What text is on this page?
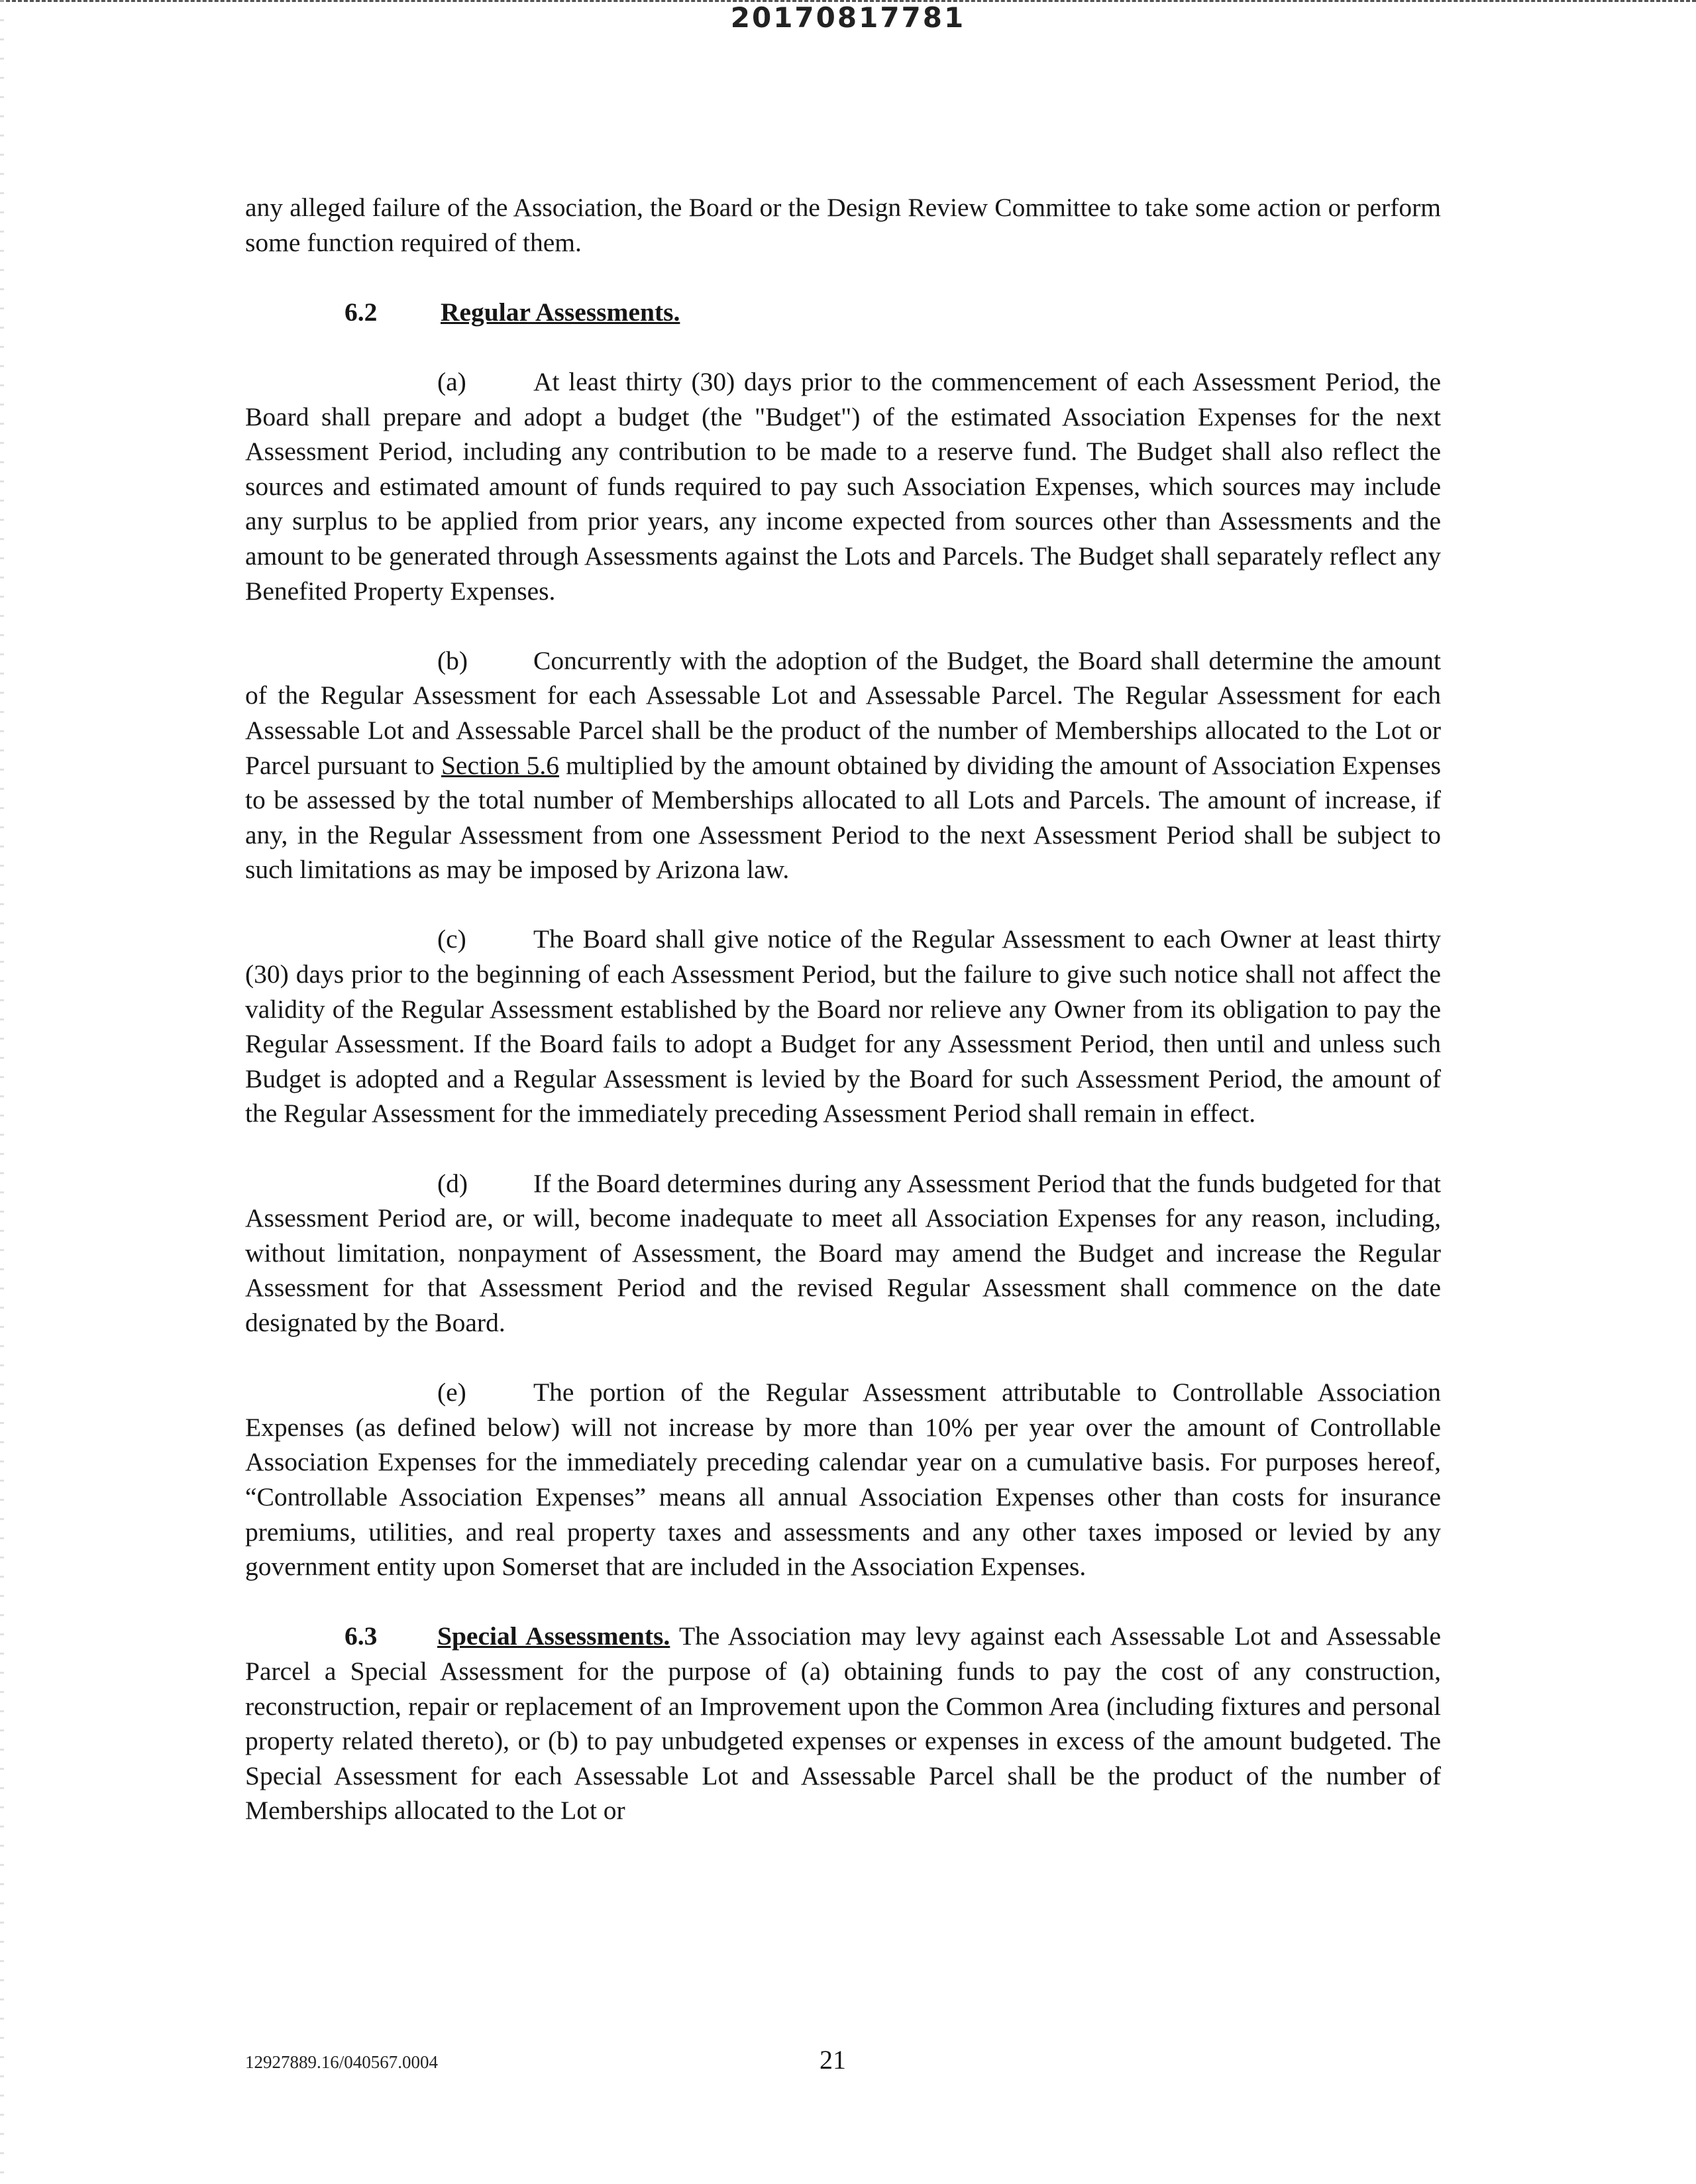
20170817781

any alleged failure of the Association, the Board or the Design Review Committee to take some action or perform some function required of them.

6.2 Regular Assessments.

(a)	At least thirty (30) days prior to the commencement of each Assessment Period, the Board shall prepare and adopt a budget (the "Budget") of the estimated Association Expenses for the next Assessment Period, including any contribution to be made to a reserve fund. The Budget shall also reflect the sources and estimated amount of funds required to pay such Association Expenses, which sources may include any surplus to be applied from prior years, any income expected from sources other than Assessments and the amount to be generated through Assessments against the Lots and Parcels. The Budget shall separately reflect any Benefited Property Expenses.

(b)	Concurrently with the adoption of the Budget, the Board shall determine the amount of the Regular Assessment for each Assessable Lot and Assessable Parcel. The Regular Assessment for each Assessable Lot and Assessable Parcel shall be the product of the number of Memberships allocated to the Lot or Parcel pursuant to Section 5.6 multiplied by the amount obtained by dividing the amount of Association Expenses to be assessed by the total number of Memberships allocated to all Lots and Parcels. The amount of increase, if any, in the Regular Assessment from one Assessment Period to the next Assessment Period shall be subject to such limitations as may be imposed by Arizona law.

(c)	The Board shall give notice of the Regular Assessment to each Owner at least thirty (30) days prior to the beginning of each Assessment Period, but the failure to give such notice shall not affect the validity of the Regular Assessment established by the Board nor relieve any Owner from its obligation to pay the Regular Assessment. If the Board fails to adopt a Budget for any Assessment Period, then until and unless such Budget is adopted and a Regular Assessment is levied by the Board for such Assessment Period, the amount of the Regular Assessment for the immediately preceding Assessment Period shall remain in effect.

(d)	If the Board determines during any Assessment Period that the funds budgeted for that Assessment Period are, or will, become inadequate to meet all Association Expenses for any reason, including, without limitation, nonpayment of Assessment, the Board may amend the Budget and increase the Regular Assessment for that Assessment Period and the revised Regular Assessment shall commence on the date designated by the Board.

(e)	The portion of the Regular Assessment attributable to Controllable Association Expenses (as defined below) will not increase by more than 10% per year over the amount of Controllable Association Expenses for the immediately preceding calendar year on a cumulative basis. For purposes hereof, “Controllable Association Expenses” means all annual Association Expenses other than costs for insurance premiums, utilities, and real property taxes and assessments and any other taxes imposed or levied by any government entity upon Somerset that are included in the Association Expenses.

6.3 Special Assessments. The Association may levy against each Assessable Lot and Assessable Parcel a Special Assessment for the purpose of (a) obtaining funds to pay the cost of any construction, reconstruction, repair or replacement of an Improvement upon the Common Area (including fixtures and personal property related thereto), or (b) to pay unbudgeted expenses or expenses in excess of the amount budgeted. The Special Assessment for each Assessable Lot and Assessable Parcel shall be the product of the number of Memberships allocated to the Lot or

12927889.16/040567.0004	21
